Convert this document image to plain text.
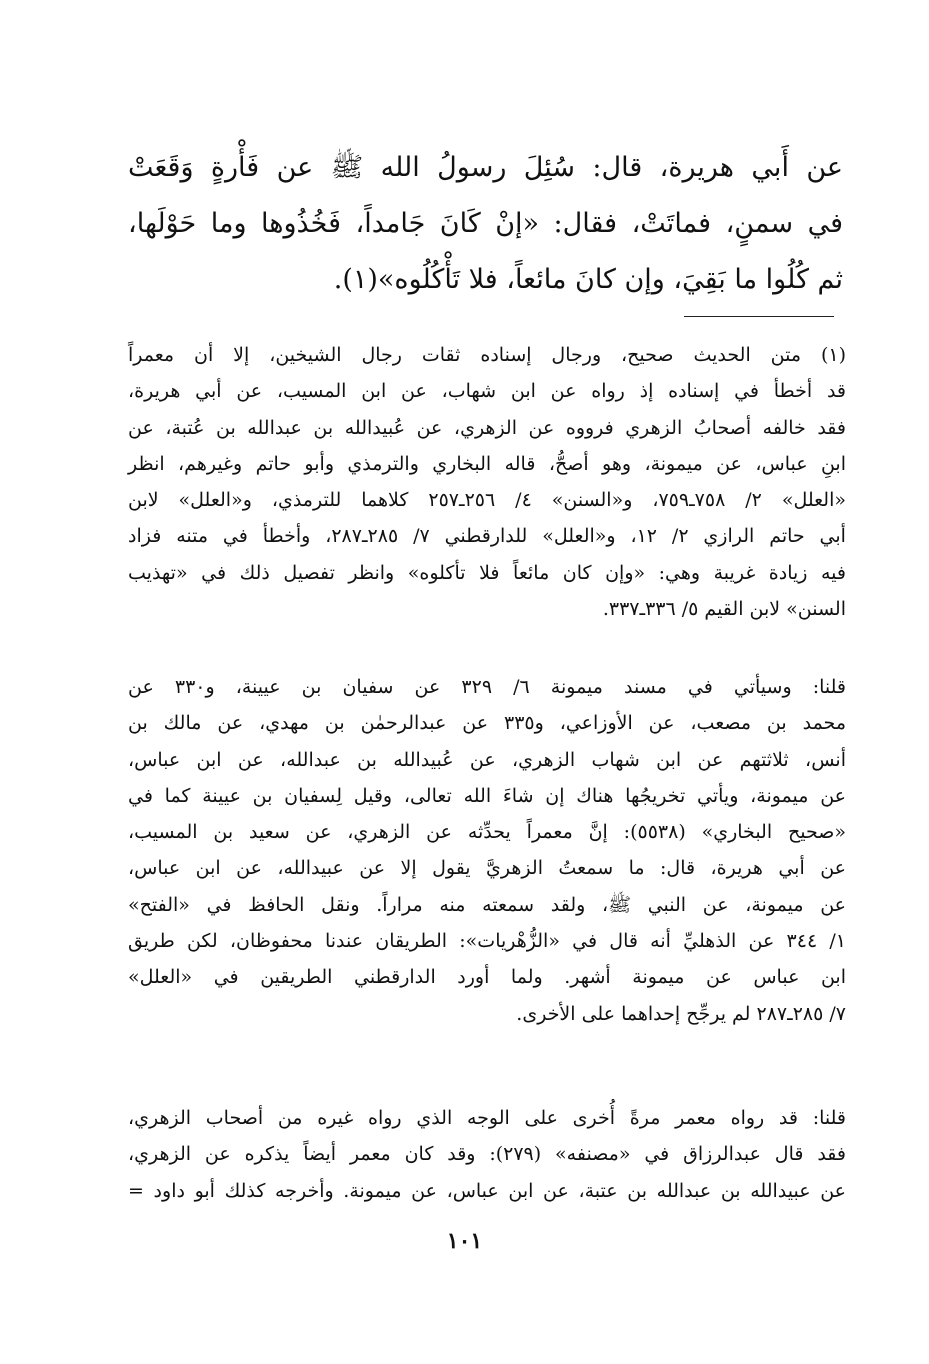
عن أَبي هريرة، قال: سُئِلَ رسولُ الله ﷺ عن فَأْرةٍ وَقَعَتْ
في سمنٍ، فماتَتْ، فقال: «إنْ كَانَ جَامداً، فَخُذُوها وما حَوْلَها،
ثم كُلُوا ما بَقِيَ، وإن كانَ مائعاً، فلا تَأْكُلُوه»(١).
(١) متن الحديث صحيح، ورجال إسناده ثقات رجال الشيخين، إلا أن معمراً
قد أخطأ في إسناده إذ رواه عن ابن شهاب، عن ابن المسيب، عن أبي هريرة،
فقد خالفه أصحابُ الزهري فرووه عن الزهري، عن عُبيدالله بن عبدالله بن عُتبة، عن
ابنِ عباس، عن ميمونة، وهو أصحُّ، قاله البخاري والترمذي وأبو حاتم وغيرهم، انظر
«العلل» ٢/ ٧٥٨ـ٧٥٩، و«السنن» ٤/ ٢٥٦ـ٢٥٧ كلاهما للترمذي، و«العلل» لابن
أبي حاتم الرازي ٢/ ١٢، و«العلل» للدارقطني ٧/ ٢٨٥ـ٢٨٧، وأخطأ في متنه فزاد
فيه زيادة غريبة وهي: «وإن كان مائعاً فلا تأكلوه» وانظر تفصيل ذلك في «تهذيب
السنن» لابن القيم ٥/ ٣٣٦ـ٣٣٧.
قلنا: وسيأتي في مسند ميمونة ٦/ ٣٢٩ عن سفيان بن عيينة، و٣٣٠ عن
محمد بن مصعب، عن الأوزاعي، و٣٣٥ عن عبدالرحمٰن بن مهدي، عن مالك بن
أنس، ثلاثتهم عن ابن شهاب الزهري، عن عُبيدالله بن عبدالله، عن ابن عباس،
عن ميمونة، ويأتي تخريجُها هناك إن شاءَ الله تعالى، وقيل لِسفيان بن عيينة كما في
«صحيح البخاري» (٥٥٣٨): إنَّ معمراً يحدِّثه عن الزهري، عن سعيد بن المسيب،
عن أبي هريرة، قال: ما سمعتُ الزهريَّ يقول إلا عن عبيدالله، عن ابن عباس،
عن ميمونة، عن النبي ﷺ، ولقد سمعته منه مراراً. ونقل الحافظ في «الفتح»
١/ ٣٤٤ عن الذهليِّ أنه قال في «الزُّهْريات»: الطريقان عندنا محفوظان، لكن طريق
ابن عباس عن ميمونة أشهر. ولما أورد الدارقطني الطريقين في «العلل»
٧/ ٢٨٥ـ٢٨٧ لم يرجِّح إحداهما على الأخرى.
قلنا: قد رواه معمر مرةً أُخرى على الوجه الذي رواه غيره من أصحاب الزهري،
فقد قال عبدالرزاق في «مصنفه» (٢٧٩): وقد كان معمر أيضاً يذكره عن الزهري،
عن عبيدالله بن عبدالله بن عتبة، عن ابن عباس، عن ميمونة. وأخرجه كذلك أبو داود =
١٠١
